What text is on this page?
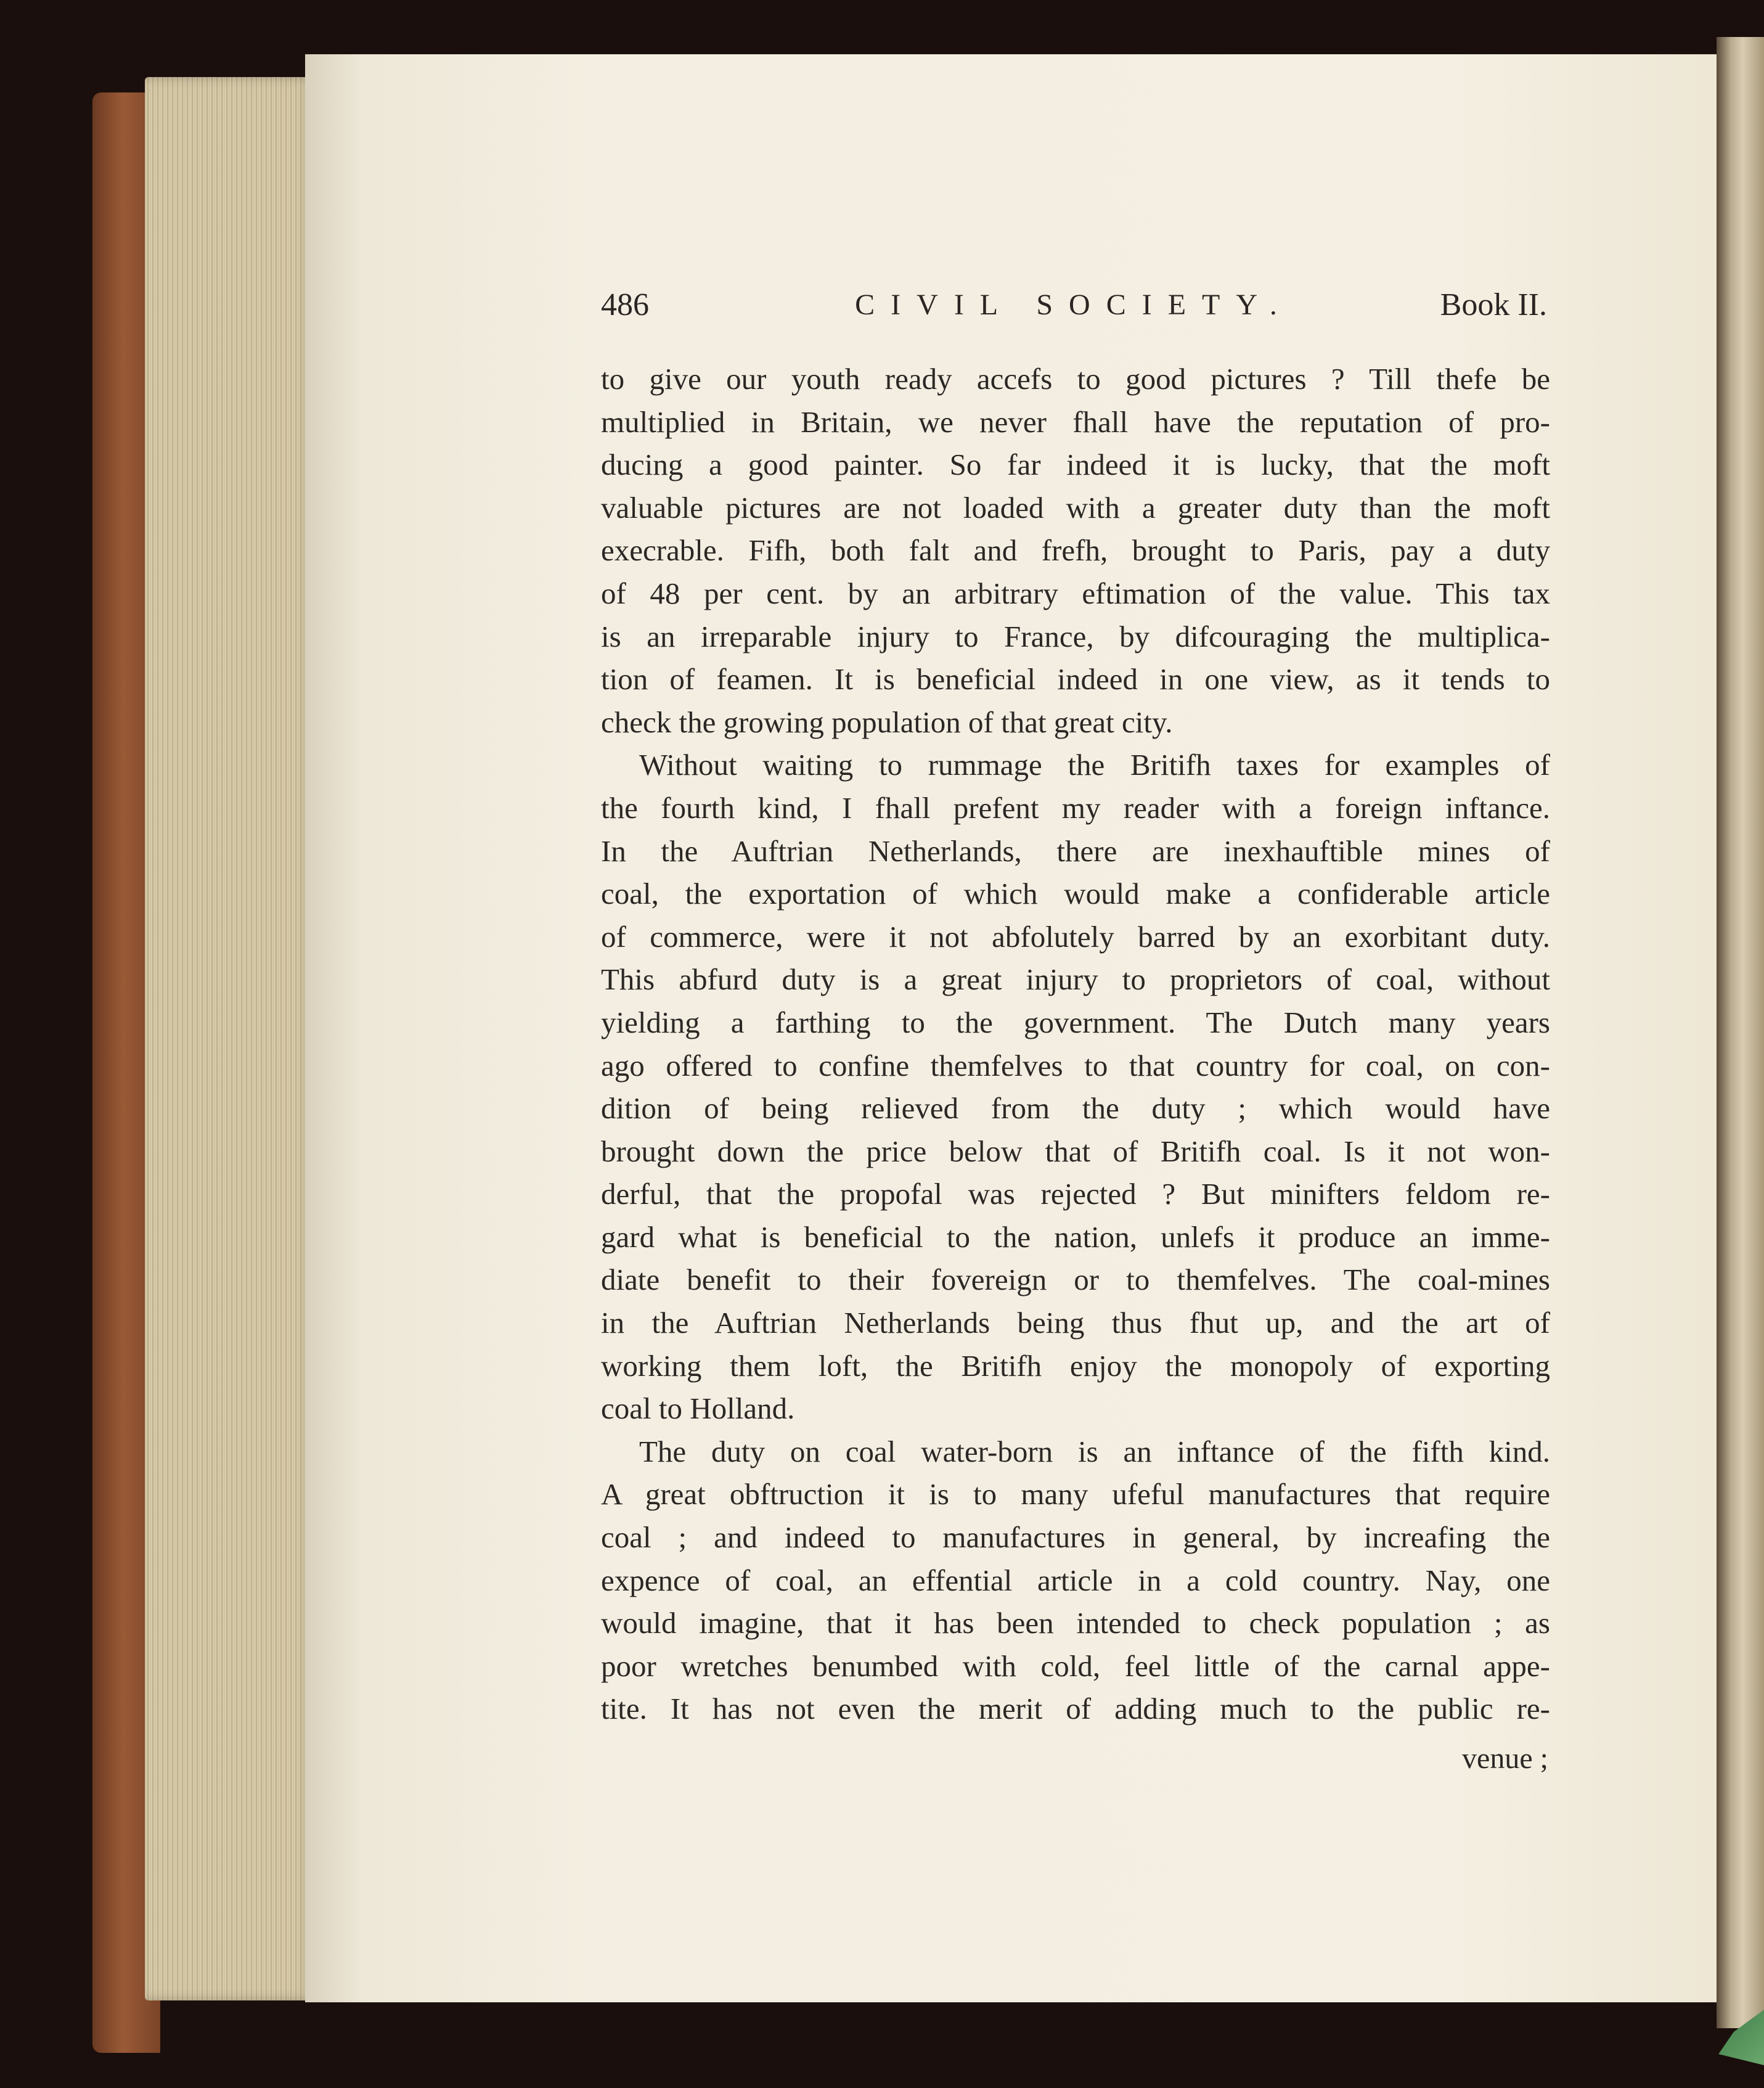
486	CIVIL SOCIETY.	Book II.
to give our youth ready accefs to good pictures ? Till thefe be
multiplied in Britain, we never fhall have the reputation of pro-
ducing a good painter. So far indeed it is lucky, that the moft
valuable pictures are not loaded with a greater duty than the moft
execrable. Fifh, both falt and frefh, brought to Paris, pay a duty
of 48 per cent. by an arbitrary eftimation of the value. This tax
is an irreparable injury to France, by difcouraging the multiplica-
tion of feamen. It is beneficial indeed in one view, as it tends to
check the growing population of that great city.
Without waiting to rummage the Britifh taxes for examples of
the fourth kind, I fhall prefent my reader with a foreign inftance.
In the Auftrian Netherlands, there are inexhauftible mines of
coal, the exportation of which would make a confiderable article
of commerce, were it not abfolutely barred by an exorbitant duty.
This abfurd duty is a great injury to proprietors of coal, without
yielding a farthing to the government. The Dutch many years
ago offered to confine themfelves to that country for coal, on con-
dition of being relieved from the duty ; which would have
brought down the price below that of Britifh coal. Is it not won-
derful, that the propofal was rejected ? But minifters feldom re-
gard what is beneficial to the nation, unlefs it produce an imme-
diate benefit to their fovereign or to themfelves. The coal-mines
in the Auftrian Netherlands being thus fhut up, and the art of
working them loft, the Britifh enjoy the monopoly of exporting
coal to Holland.
The duty on coal water-born is an inftance of the fifth kind.
A great obftruction it is to many ufeful manufactures that require
coal ; and indeed to manufactures in general, by increafing the
expence of coal, an effential article in a cold country. Nay, one
would imagine, that it has been intended to check population ; as
poor wretches benumbed with cold, feel little of the carnal appe-
tite. It has not even the merit of adding much to the public re-
venue ;
